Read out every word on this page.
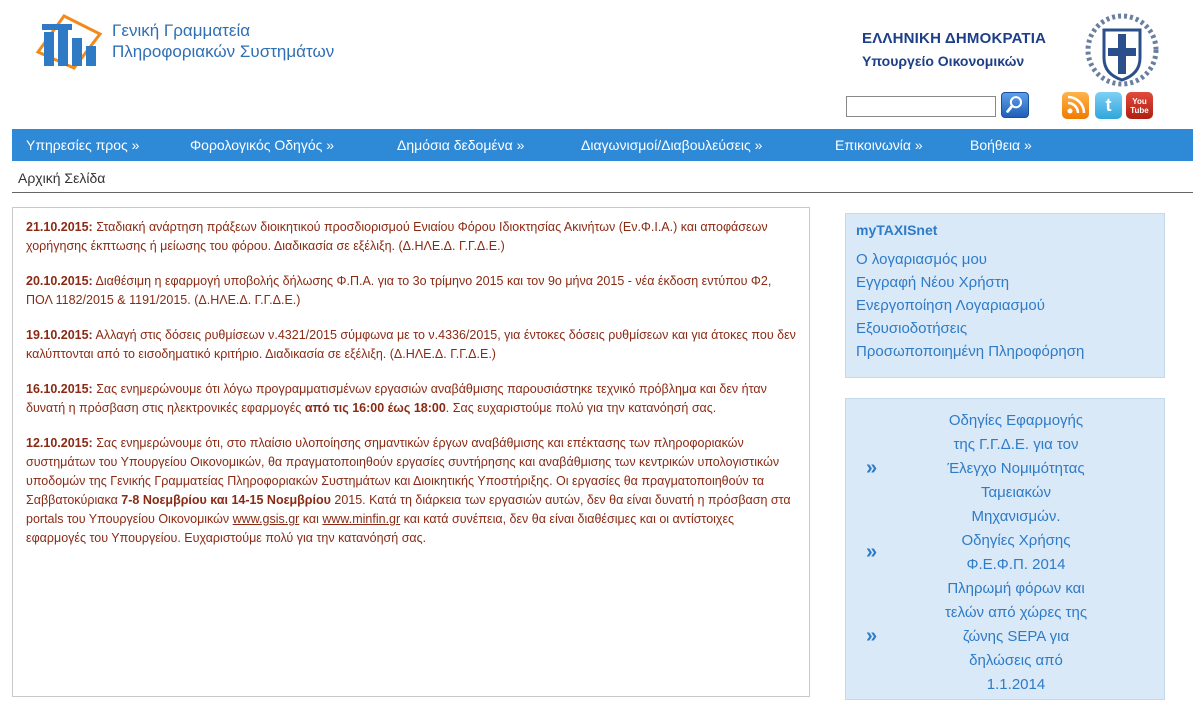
Γενική Γραμματεία
Πληροφοριακών Συστημάτων
ΕΛΛΗΝΙΚΗ ΔΗΜΟΚΡΑΤΙΑ
Υπουργείο Οικονομικών
t	You Tube
Υπηρεσίες προς »	Φορολογικός Οδηγός »	Δημόσια δεδομένα »	Διαγωνισμοί/Διαβουλεύσεις »	Επικοινωνία »	Βοήθεια »
Αρχική Σελίδα

21.10.2015: Σταδιακή ανάρτηση πράξεων διοικητικού προσδιορισμού Ενιαίου Φόρου Ιδιοκτησίας Ακινήτων (Εν.Φ.Ι.Α.) και αποφάσεων χορήγησης έκπτωσης ή μείωσης του φόρου. Διαδικασία σε εξέλιξη. (Δ.ΗΛΕ.Δ. Γ.Γ.Δ.Ε.)

20.10.2015: Διαθέσιμη η εφαρμογή υποβολής δήλωσης Φ.Π.Α. για το 3ο τρίμηνο 2015 και τον 9ο μήνα 2015 - νέα έκδοση εντύπου Φ2, ΠΟΛ 1182/2015 & 1191/2015. (Δ.ΗΛΕ.Δ. Γ.Γ.Δ.Ε.)

19.10.2015: Αλλαγή στις δόσεις ρυθμίσεων ν.4321/2015 σύμφωνα με το ν.4336/2015, για έντοκες δόσεις ρυθμίσεων και για άτοκες που δεν καλύπτονται από το εισοδηματικό κριτήριο. Διαδικασία σε εξέλιξη. (Δ.ΗΛΕ.Δ. Γ.Γ.Δ.Ε.)

16.10.2015: Σας ενημερώνουμε ότι λόγω προγραμματισμένων εργασιών αναβάθμισης παρουσιάστηκε τεχνικό πρόβλημα και δεν ήταν δυνατή η πρόσβαση στις ηλεκτρονικές εφαρμογές από τις 16:00 έως 18:00. Σας ευχαριστούμε πολύ για την κατανόησή σας.

12.10.2015: Σας ενημερώνουμε ότι, στο πλαίσιο υλοποίησης σημαντικών έργων αναβάθμισης και επέκτασης των πληροφοριακών συστημάτων του Υπουργείου Οικονομικών, θα πραγματοποιηθούν εργασίες συντήρησης και αναβάθμισης των κεντρικών υπολογιστικών υποδομών της Γενικής Γραμματείας Πληροφοριακών Συστημάτων και Διοικητικής Υποστήριξης. Οι εργασίες θα πραγματοποιηθούν τα Σαββατοκύριακα 7-8 Νοεμβρίου και 14-15 Νοεμβρίου 2015. Κατά τη διάρκεια των εργασιών αυτών, δεν θα είναι δυνατή η πρόσβαση στα portals του Υπουργείου Οικονομικών www.gsis.gr και www.minfin.gr και κατά συνέπεια, δεν θα είναι διαθέσιμες και οι αντίστοιχες εφαρμογές του Υπουργείου. Ευχαριστούμε πολύ για την κατανόησή σας.

myTAXISnet
Ο λογαριασμός μου
Εγγραφή Νέου Χρήστη
Ενεργοποίηση Λογαριασμού
Εξουσιοδοτήσεις
Προσωποποιημένη Πληροφόρηση
»
Οδηγίες Εφαρμογής
της Γ.Γ.Δ.Ε. για τον
Έλεγχο Νομιμότητας
Ταμειακών
Μηχανισμών.
»
Οδηγίες Χρήσης
Φ.Ε.Φ.Π. 2014
»
Πληρωμή φόρων και
τελών από χώρες της
ζώνης SEPA για
δηλώσεις από
1.1.2014
